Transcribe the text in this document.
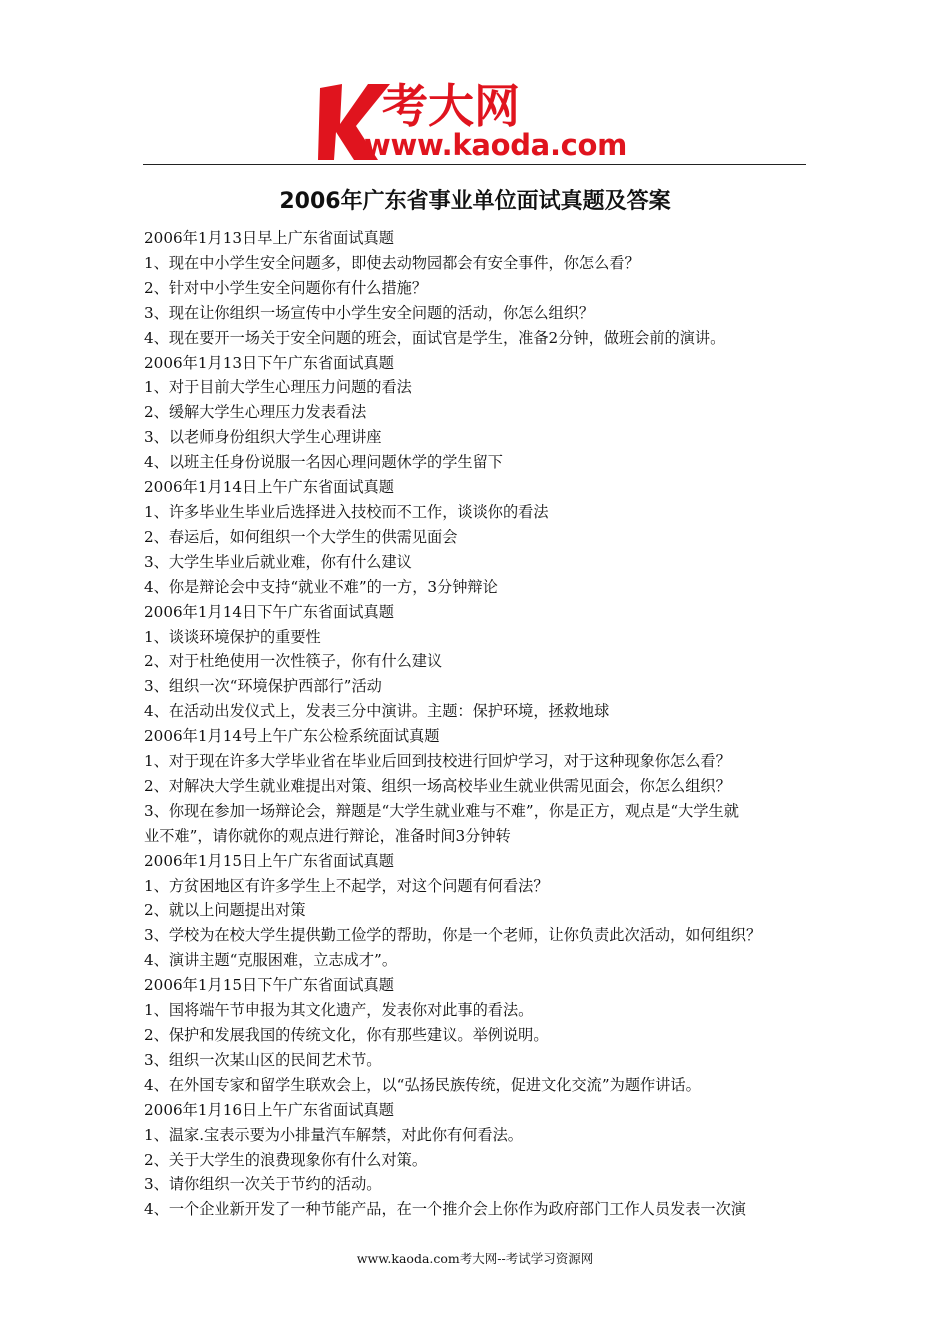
考大网
www.kaoda.com
2006年广东省事业单位面试真题及答案
2006年1月13日早上广东省面试真题
1、现在中小学生安全问题多，即使去动物园都会有安全事件，你怎么看？
2、针对中小学生安全问题你有什么措施？
3、现在让你组织一场宣传中小学生安全问题的活动，你怎么组织？
4、现在要开一场关于安全问题的班会，面试官是学生，准备2分钟，做班会前的演讲。
2006年1月13日下午广东省面试真题
1、对于目前大学生心理压力问题的看法
2、缓解大学生心理压力发表看法
3、以老师身份组织大学生心理讲座
4、以班主任身份说服一名因心理问题休学的学生留下
2006年1月14日上午广东省面试真题
1、许多毕业生毕业后选择进入技校而不工作，谈谈你的看法
2、春运后，如何组织一个大学生的供需见面会
3、大学生毕业后就业难，你有什么建议
4、你是辩论会中支持“就业不难”的一方，3分钟辩论
2006年1月14日下午广东省面试真题
1、谈谈环境保护的重要性
2、对于杜绝使用一次性筷子，你有什么建议
3、组织一次“环境保护西部行”活动
4、在活动出发仪式上，发表三分中演讲。主题：保护环境，拯救地球
2006年1月14号上午广东公检系统面试真题
1、对于现在许多大学毕业省在毕业后回到技校进行回炉学习，对于这种现象你怎么看？
2、对解决大学生就业难提出对策、组织一场高校毕业生就业供需见面会，你怎么组织？
3、你现在参加一场辩论会，辩题是“大学生就业难与不难”，你是正方，观点是“大学生就
业不难”，请你就你的观点进行辩论，准备时间3分钟转
2006年1月15日上午广东省面试真题
1、方贫困地区有许多学生上不起学，对这个问题有何看法？
2、就以上问题提出对策
3、学校为在校大学生提供勤工俭学的帮助，你是一个老师，让你负责此次活动，如何组织？
4、演讲主题“克服困难，立志成才”。
2006年1月15日下午广东省面试真题
1、国将端午节申报为其文化遗产，发表你对此事的看法。
2、保护和发展我国的传统文化，你有那些建议。举例说明。
3、组织一次某山区的民间艺术节。
4、在外国专家和留学生联欢会上，以“弘扬民族传统，促进文化交流”为题作讲话。
2006年1月16日上午广东省面试真题
1、温家.宝表示要为小排量汽车解禁，对此你有何看法。
2、关于大学生的浪费现象你有什么对策。
3、请你组织一次关于节约的活动。
4、一个企业新开发了一种节能产品，在一个推介会上你作为政府部门工作人员发表一次演
www.kaoda.com考大网--考试学习资源网
